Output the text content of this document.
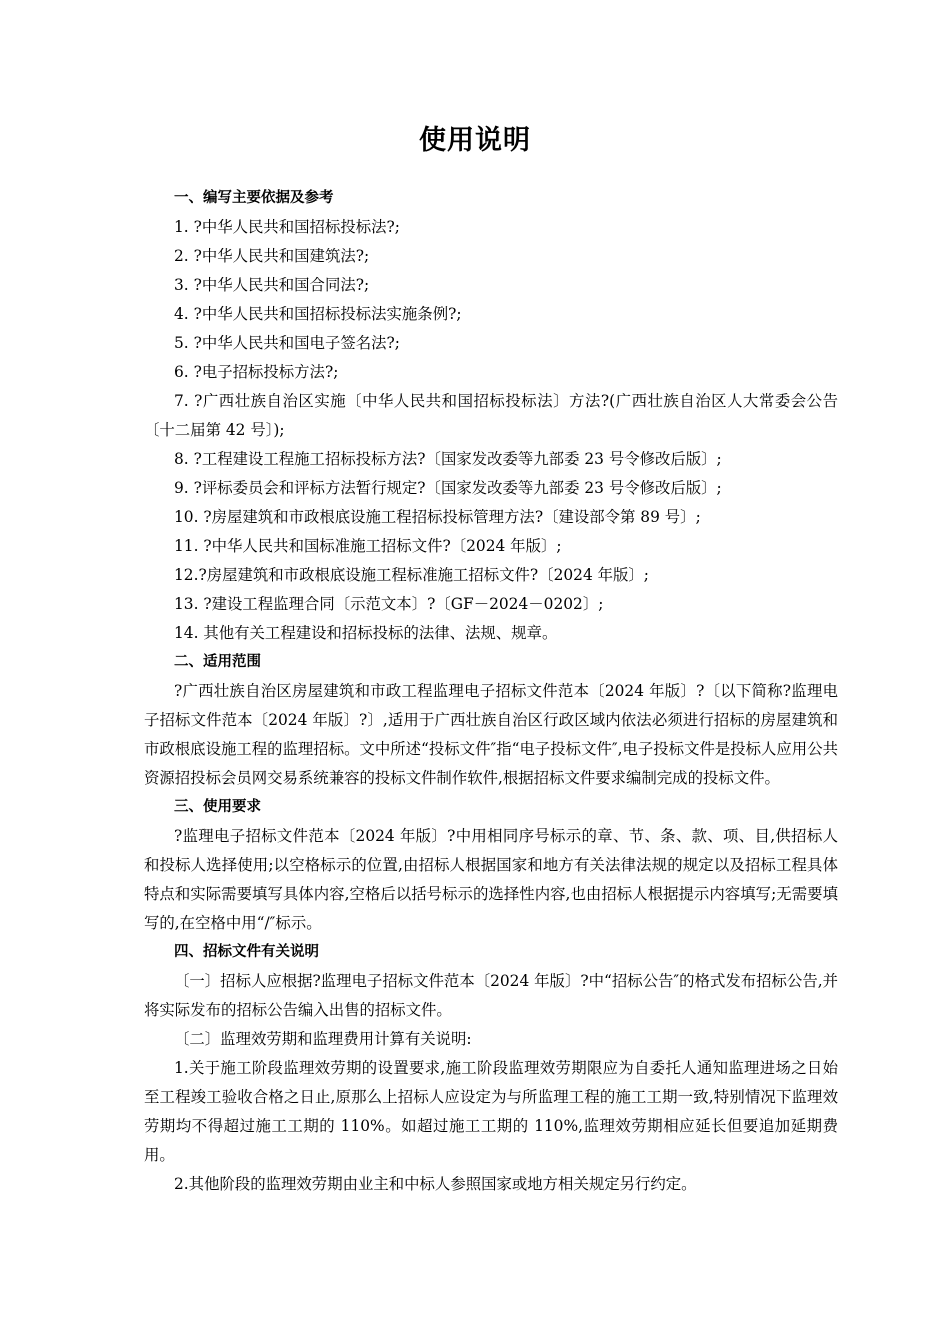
使用说明

一、编写主要依据及参考

1. ?中华人民共和国招标投标法?;

2. ?中华人民共和国建筑法?;

3. ?中华人民共和国合同法?;

4. ?中华人民共和国招标投标法实施条例?;

5. ?中华人民共和国电子签名法?;

6. ?电子招标投标方法?;

7. ?广西壮族自治区实施〔中华人民共和国招标投标法〕方法?(广西壮族自治区人大常委会公告〔十二届第 42 号〕);

8. ?工程建设工程施工招标投标方法?〔国家发改委等九部委 23 号令修改后版〕;

9. ?评标委员会和评标方法暂行规定?〔国家发改委等九部委 23 号令修改后版〕;

10. ?房屋建筑和市政根底设施工程招标投标管理方法?〔建设部令第 89 号〕;

11. ?中华人民共和国标准施工招标文件?〔2024 年版〕;

12.?房屋建筑和市政根底设施工程标准施工招标文件?〔2024 年版〕;

13. ?建设工程监理合同〔示范文本〕?〔GF－2024－0202〕;

14. 其他有关工程建设和招标投标的法律、法规、规章。

二、适用范围

?广西壮族自治区房屋建筑和市政工程监理电子招标文件范本〔2024 年版〕?〔以下简称?监理电子招标文件范本〔2024 年版〕?〕,适用于广西壮族自治区行政区域内依法必须进行招标的房屋建筑和市政根底设施工程的监理招标。文中所述“投标文件″指“电子投标文件″,电子投标文件是投标人应用公共资源招投标会员网交易系统兼容的投标文件制作软件,根据招标文件要求编制完成的投标文件。

三、使用要求

?监理电子招标文件范本〔2024 年版〕?中用相同序号标示的章、节、条、款、项、目,供招标人和投标人选择使用;以空格标示的位置,由招标人根据国家和地方有关法律法规的规定以及招标工程具体特点和实际需要填写具体内容,空格后以括号标示的选择性内容,也由招标人根据提示内容填写;无需要填写的,在空格中用“/″标示。

四、招标文件有关说明

〔一〕招标人应根据?监理电子招标文件范本〔2024 年版〕?中“招标公告″的格式发布招标公告,并将实际发布的招标公告编入出售的招标文件。

〔二〕监理效劳期和监理费用计算有关说明:

1.关于施工阶段监理效劳期的设置要求,施工阶段监理效劳期限应为自委托人通知监理进场之日始至工程竣工验收合格之日止,原那么上招标人应设定为与所监理工程的施工工期一致,特别情况下监理效劳期均不得超过施工工期的 110%。如超过施工工期的 110%,监理效劳期相应延长但要追加延期费用。

2.其他阶段的监理效劳期由业主和中标人参照国家或地方相关规定另行约定。
